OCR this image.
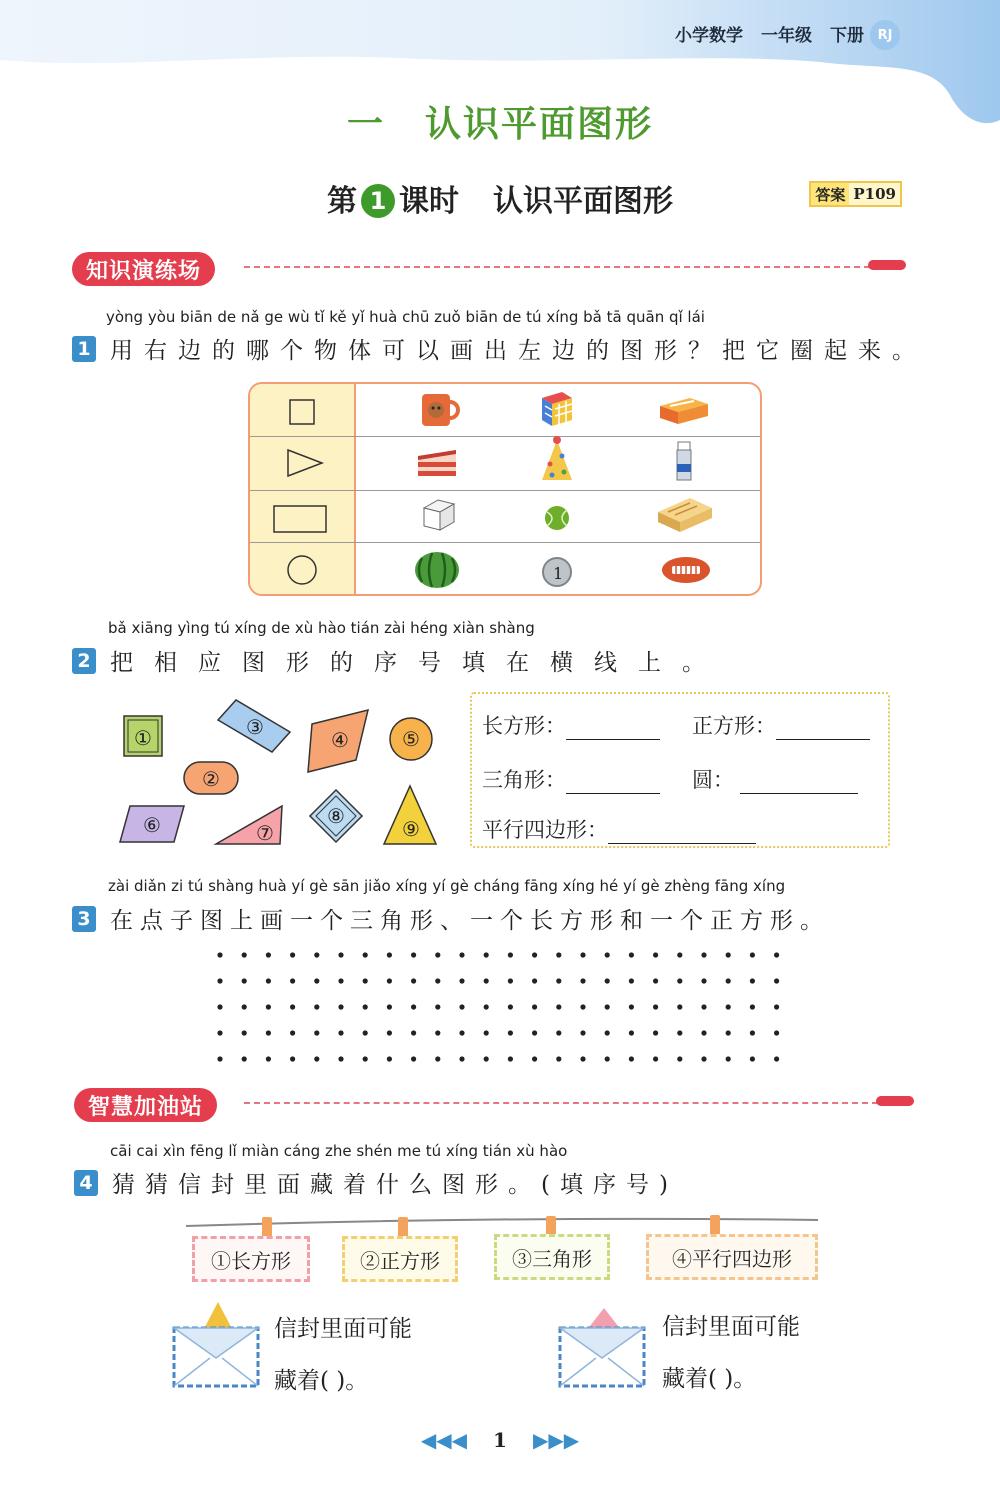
小学数学 一年级 下册	RJ
一 认识平面图形
第 1 课时 认识平面图形	答案 P109
知识演练场
yòng yòu biān de nǎ ge wù tǐ kě yǐ huà chū zuǒ biān de tú xíng bǎ tā quān qǐ lái
1 用右边的哪个物体可以画出左边的图形？把它圈起来。
1
bǎ xiāng yìng tú xíng de xù hào tián zài héng xiàn shàng
2 把相应图形的序号填在横线上。
①
②
③
④	⑤
⑥	⑦
⑧
⑨
长方形：	正方形：
三角形：	圆：
平行四边形：
zài diǎn zi tú shàng huà yí gè sān jiǎo xíng yí gè cháng fāng xíng hé yí gè zhèng fāng xíng
3 在点子图上画一个三角形、一个长方形和一个正方形。
智慧加油站
cāi cai xìn fēng lǐ miàn cáng zhe shén me tú xíng tián xù hào
4 猜猜信封里面藏着什么图形。(填序号)
①长方形	②正方形	③三角形	④平行四边形
信封里面可能
藏着( )。
信封里面可能
藏着( )。
◀◀◀ 1 ▶▶▶
